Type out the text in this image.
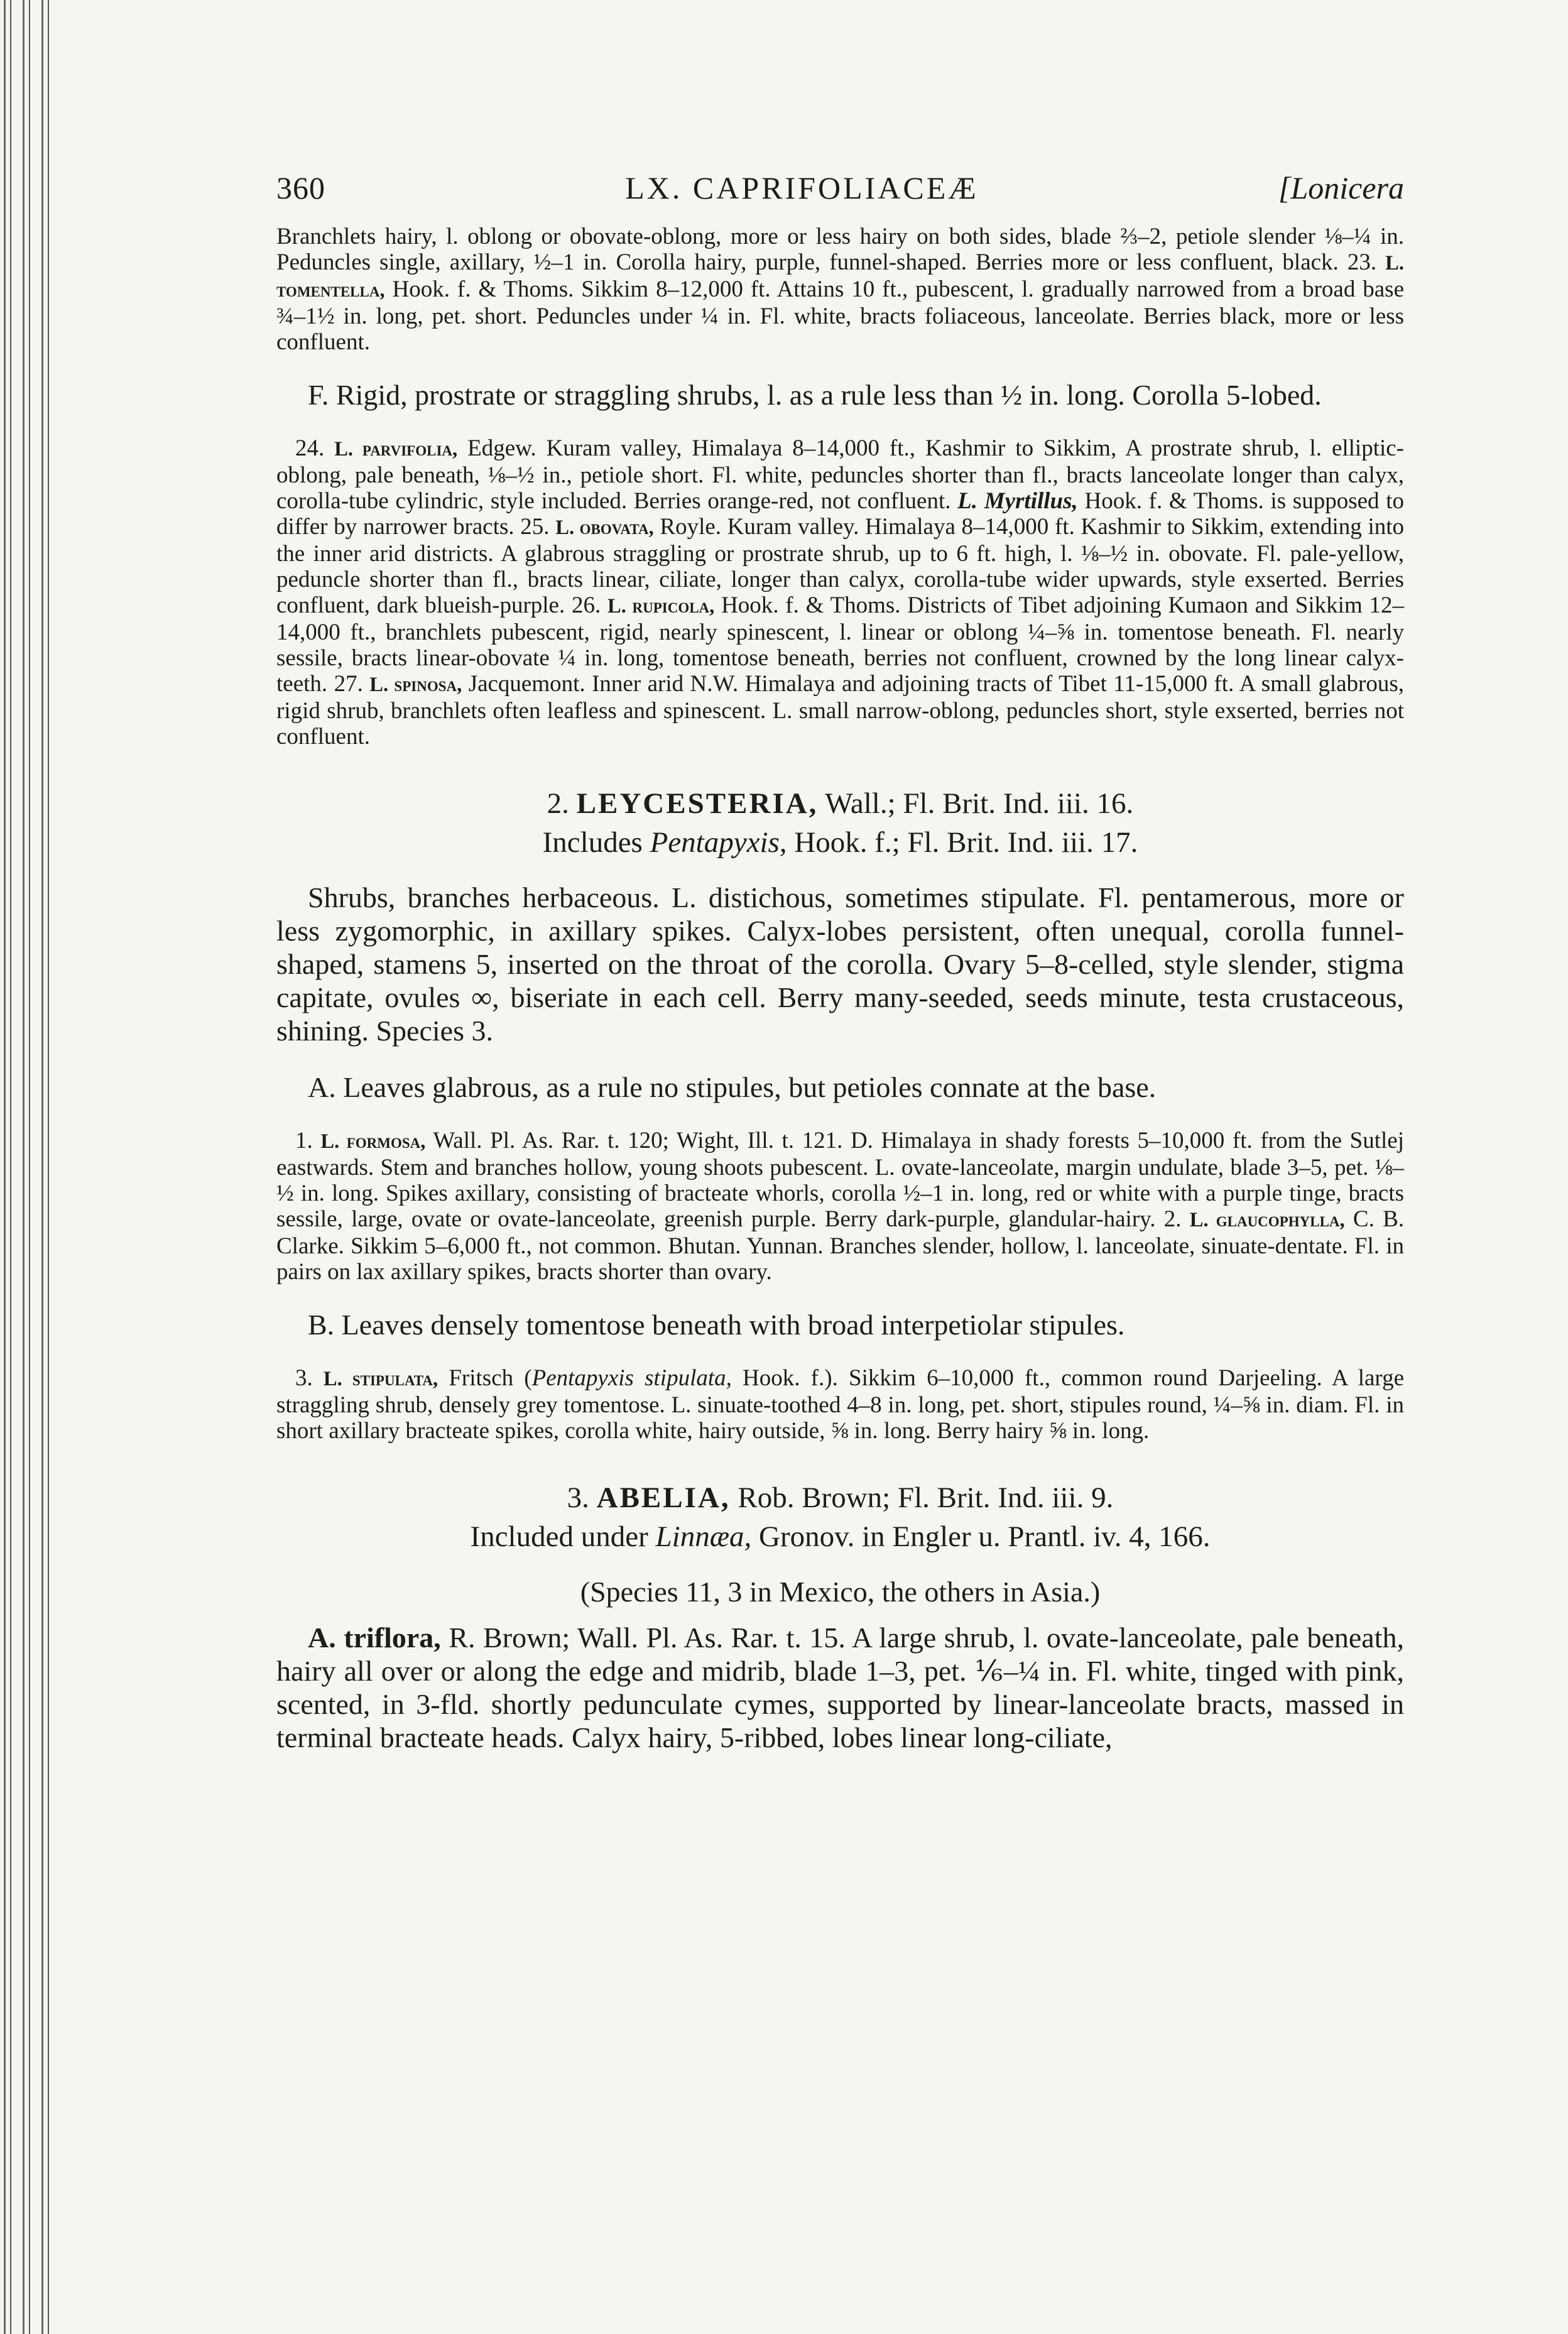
360	LX. CAPRIFOLIACEÆ	[Lonicera

Branchlets hairy, l. oblong or obovate-oblong, more or less hairy on both sides, blade ⅔–2, petiole slender ⅛–¼ in. Peduncles single, axillary, ½–1 in. Corolla hairy, purple, funnel-shaped. Berries more or less confluent, black. 23. L. tomentella, Hook. f. & Thoms. Sikkim 8–12,000 ft. Attains 10 ft., pubescent, l. gradually narrowed from a broad base ¾–1½ in. long, pet. short. Peduncles under ¼ in. Fl. white, bracts foliaceous, lanceolate. Berries black, more or less confluent.

F. Rigid, prostrate or straggling shrubs, l. as a rule less than ½ in. long. Corolla 5-lobed.

24. L. parvifolia, Edgew. Kuram valley, Himalaya 8–14,000 ft., Kashmir to Sikkim, A prostrate shrub, l. elliptic-oblong, pale beneath, ⅛–½ in., petiole short. Fl. white, peduncles shorter than fl., bracts lanceolate longer than calyx, corolla-tube cylindric, style included. Berries orange-red, not confluent. L. Myrtillus, Hook. f. & Thoms. is supposed to differ by narrower bracts. 25. L. obovata, Royle. Kuram valley. Himalaya 8–14,000 ft. Kashmir to Sikkim, extending into the inner arid districts. A glabrous straggling or prostrate shrub, up to 6 ft. high, l. ⅛–½ in. obovate. Fl. pale-yellow, peduncle shorter than fl., bracts linear, ciliate, longer than calyx, corolla-tube wider upwards, style exserted. Berries confluent, dark blueish-purple. 26. L. rupicola, Hook. f. & Thoms. Districts of Tibet adjoining Kumaon and Sikkim 12–14,000 ft., branchlets pubescent, rigid, nearly spinescent, l. linear or oblong ¼–⅝ in. tomentose beneath. Fl. nearly sessile, bracts linear-obovate ¼ in. long, tomentose beneath, berries not confluent, crowned by the long linear calyx-teeth. 27. L. spinosa, Jacquemont. Inner arid N.W. Himalaya and adjoining tracts of Tibet 11-15,000 ft. A small glabrous, rigid shrub, branchlets often leafless and spinescent. L. small narrow-oblong, peduncles short, style exserted, berries not confluent.

2. LEYCESTERIA, Wall.; Fl. Brit. Ind. iii. 16.
Includes Pentapyxis, Hook. f.; Fl. Brit. Ind. iii. 17.

Shrubs, branches herbaceous. L. distichous, sometimes stipulate. Fl. pentamerous, more or less zygomorphic, in axillary spikes. Calyx-lobes persistent, often unequal, corolla funnel-shaped, stamens 5, inserted on the throat of the corolla. Ovary 5–8-celled, style slender, stigma capitate, ovules ∞, biseriate in each cell. Berry many-seeded, seeds minute, testa crustaceous, shining. Species 3.

A. Leaves glabrous, as a rule no stipules, but petioles connate at the base.

1. L. formosa, Wall. Pl. As. Rar. t. 120; Wight, Ill. t. 121. D. Himalaya in shady forests 5–10,000 ft. from the Sutlej eastwards. Stem and branches hollow, young shoots pubescent. L. ovate-lanceolate, margin undulate, blade 3–5, pet. ⅛–½ in. long. Spikes axillary, consisting of bracteate whorls, corolla ½–1 in. long, red or white with a purple tinge, bracts sessile, large, ovate or ovate-lanceolate, greenish purple. Berry dark-purple, glandular-hairy. 2. L. glaucophylla, C. B. Clarke. Sikkim 5–6,000 ft., not common. Bhutan. Yunnan. Branches slender, hollow, l. lanceolate, sinuate-dentate. Fl. in pairs on lax axillary spikes, bracts shorter than ovary.

B. Leaves densely tomentose beneath with broad interpetiolar stipules.

3. L. stipulata, Fritsch (Pentapyxis stipulata, Hook. f.). Sikkim 6–10,000 ft., common round Darjeeling. A large straggling shrub, densely grey tomentose. L. sinuate-toothed 4–8 in. long, pet. short, stipules round, ¼–⅝ in. diam. Fl. in short axillary bracteate spikes, corolla white, hairy outside, ⅝ in. long. Berry hairy ⅝ in. long.

3. ABELIA, Rob. Brown; Fl. Brit. Ind. iii. 9.
Included under Linnæa, Gronov. in Engler u. Prantl. iv. 4, 166.

(Species 11, 3 in Mexico, the others in Asia.)

A. triflora, R. Brown; Wall. Pl. As. Rar. t. 15. A large shrub, l. ovate-lanceolate, pale beneath, hairy all over or along the edge and midrib, blade 1–3, pet. ⅙–¼ in. Fl. white, tinged with pink, scented, in 3-fld. shortly pedunculate cymes, supported by linear-lanceolate bracts, massed in terminal bracteate heads. Calyx hairy, 5-ribbed, lobes linear long-ciliate,
